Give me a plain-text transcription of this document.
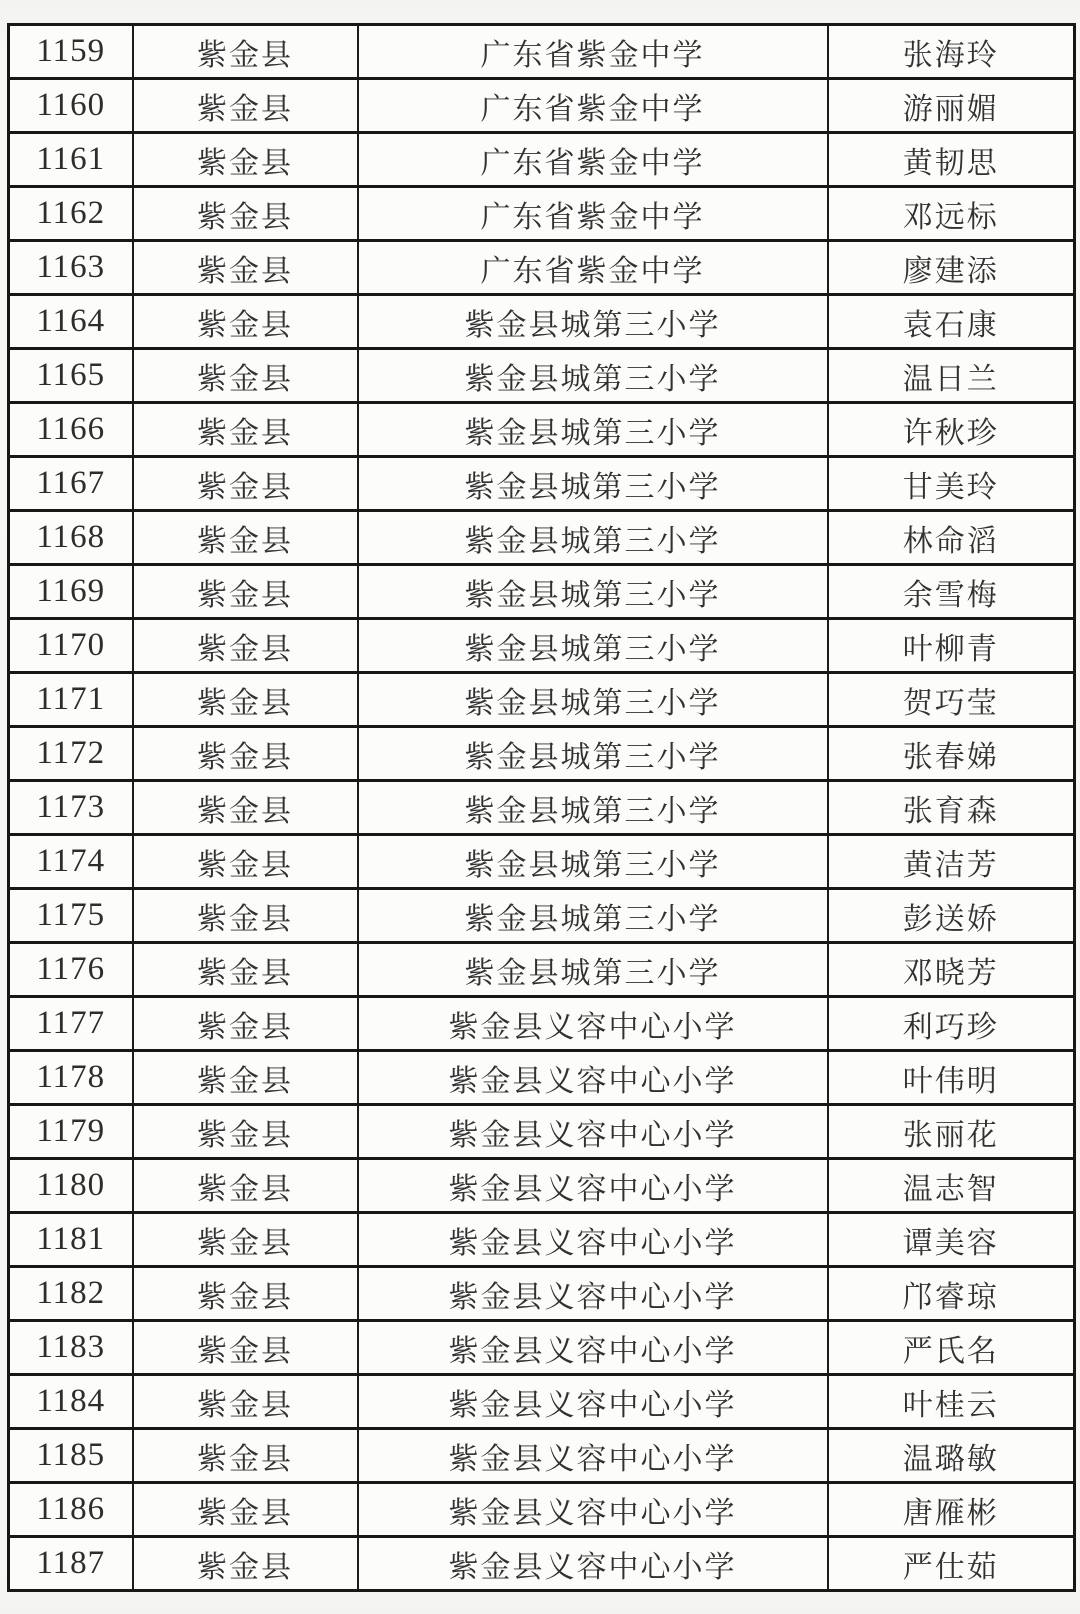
1159	紫金县	广东省紫金中学	张海玲
1160	紫金县	广东省紫金中学	游丽媚
1161	紫金县	广东省紫金中学	黄韧思
1162	紫金县	广东省紫金中学	邓远标
1163	紫金县	广东省紫金中学	廖建添
1164	紫金县	紫金县城第三小学	袁石康
1165	紫金县	紫金县城第三小学	温日兰
1166	紫金县	紫金县城第三小学	许秋珍
1167	紫金县	紫金县城第三小学	甘美玲
1168	紫金县	紫金县城第三小学	林命滔
1169	紫金县	紫金县城第三小学	余雪梅
1170	紫金县	紫金县城第三小学	叶柳青
1171	紫金县	紫金县城第三小学	贺巧莹
1172	紫金县	紫金县城第三小学	张春娣
1173	紫金县	紫金县城第三小学	张育森
1174	紫金县	紫金县城第三小学	黄洁芳
1175	紫金县	紫金县城第三小学	彭送娇
1176	紫金县	紫金县城第三小学	邓晓芳
1177	紫金县	紫金县义容中心小学	利巧珍
1178	紫金县	紫金县义容中心小学	叶伟明
1179	紫金县	紫金县义容中心小学	张丽花
1180	紫金县	紫金县义容中心小学	温志智
1181	紫金县	紫金县义容中心小学	谭美容
1182	紫金县	紫金县义容中心小学	邝睿琼
1183	紫金县	紫金县义容中心小学	严氏名
1184	紫金县	紫金县义容中心小学	叶桂云
1185	紫金县	紫金县义容中心小学	温璐敏
1186	紫金县	紫金县义容中心小学	唐雁彬
1187	紫金县	紫金县义容中心小学	严仕茹
